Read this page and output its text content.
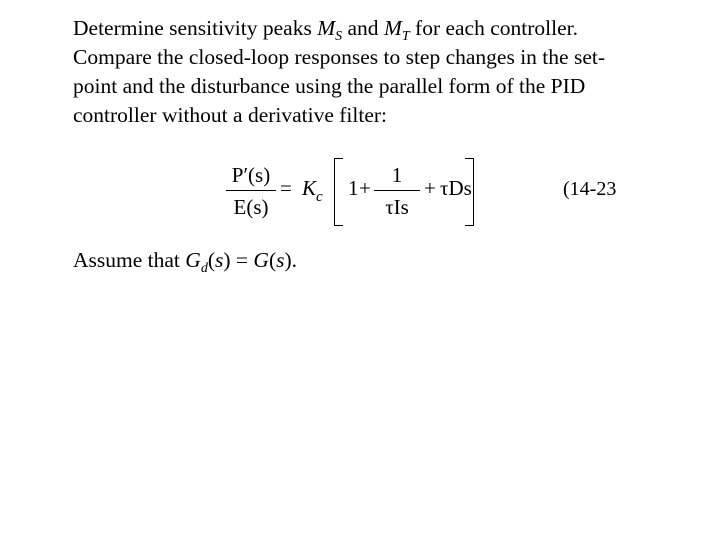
Determine sensitivity peaks $M_S$ and $M_T$ for each controller.
Compare the closed-loop responses to step changes in the set-
point and the disturbance using the parallel form of the PID
controller without a derivative filter:
P′(s)
E(s)
= $K_c$ 1 +
1
τIs
+ τDs	(14-23
Assume that $G_d(s) = G(s)$.
